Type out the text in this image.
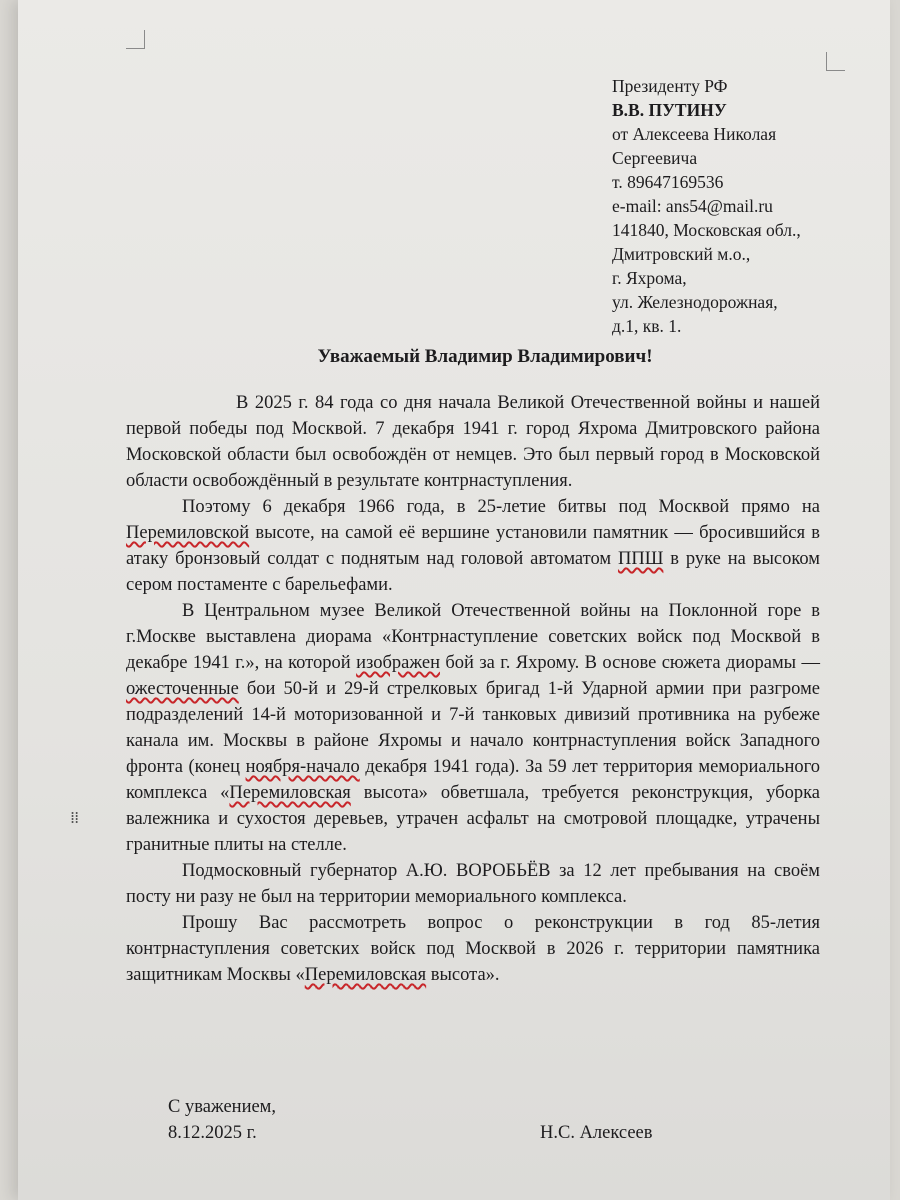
⁞⁞
Президенту РФ
В.В. ПУТИНУ
от Алексеева Николая
Сергеевича
т. 89647169536
e-mail: ans54@mail.ru
141840, Московская обл.,
Дмитровский м.о.,
г. Яхрома,
ул. Железнодорожная,
д.1, кв. 1.
Уважаемый Владимир Владимирович!

В 2025 г. 84 года со дня начала Великой Отечественной войны и нашей первой победы под Москвой. 7 декабря 1941 г. город Яхрома Дмитровского района Московской области был освобождён от немцев. Это был первый город в Московской области освобождённый в результате контрнаступления.

Поэтому 6 декабря 1966 года, в 25-летие битвы под Москвой прямо на Перемиловской высоте, на самой её вершине установили памятник — бросившийся в атаку бронзовый солдат с поднятым над головой автоматом ППШ в руке на высоком сером постаменте с барельефами.

В Центральном музее Великой Отечественной войны на Поклонной горе в г.Москве выставлена диорама «Контрнаступление советских войск под Москвой в декабре 1941 г.», на которой изображен бой за г. Яхрому. В основе сюжета диорамы — ожесточенные бои 50-й и 29-й стрелковых бригад 1-й Ударной армии при разгроме подразделений 14-й моторизованной и 7-й танковых дивизий противника на рубеже канала им. Москвы в районе Яхромы и начало контрнаступления войск Западного фронта (конец ноября-начало декабря 1941 года). За 59 лет территория мемориального комплекса «Перемиловская высота» обветшала, требуется реконструкция, уборка валежника и сухостоя деревьев, утрачен асфальт на смотровой площадке, утрачены гранитные плиты на стелле.

Подмосковный губернатор А.Ю. ВОРОБЬЁВ за 12 лет пребывания на своём посту ни разу не был на территории мемориального комплекса.

Прошу Вас рассмотреть вопрос о реконструкции в год 85-летия контрнаступления советских войск под Москвой в 2026 г. территории памятника защитникам Москвы «Перемиловская высота».

С уважением,
8.12.2025 г.	Н.С. Алексеев
